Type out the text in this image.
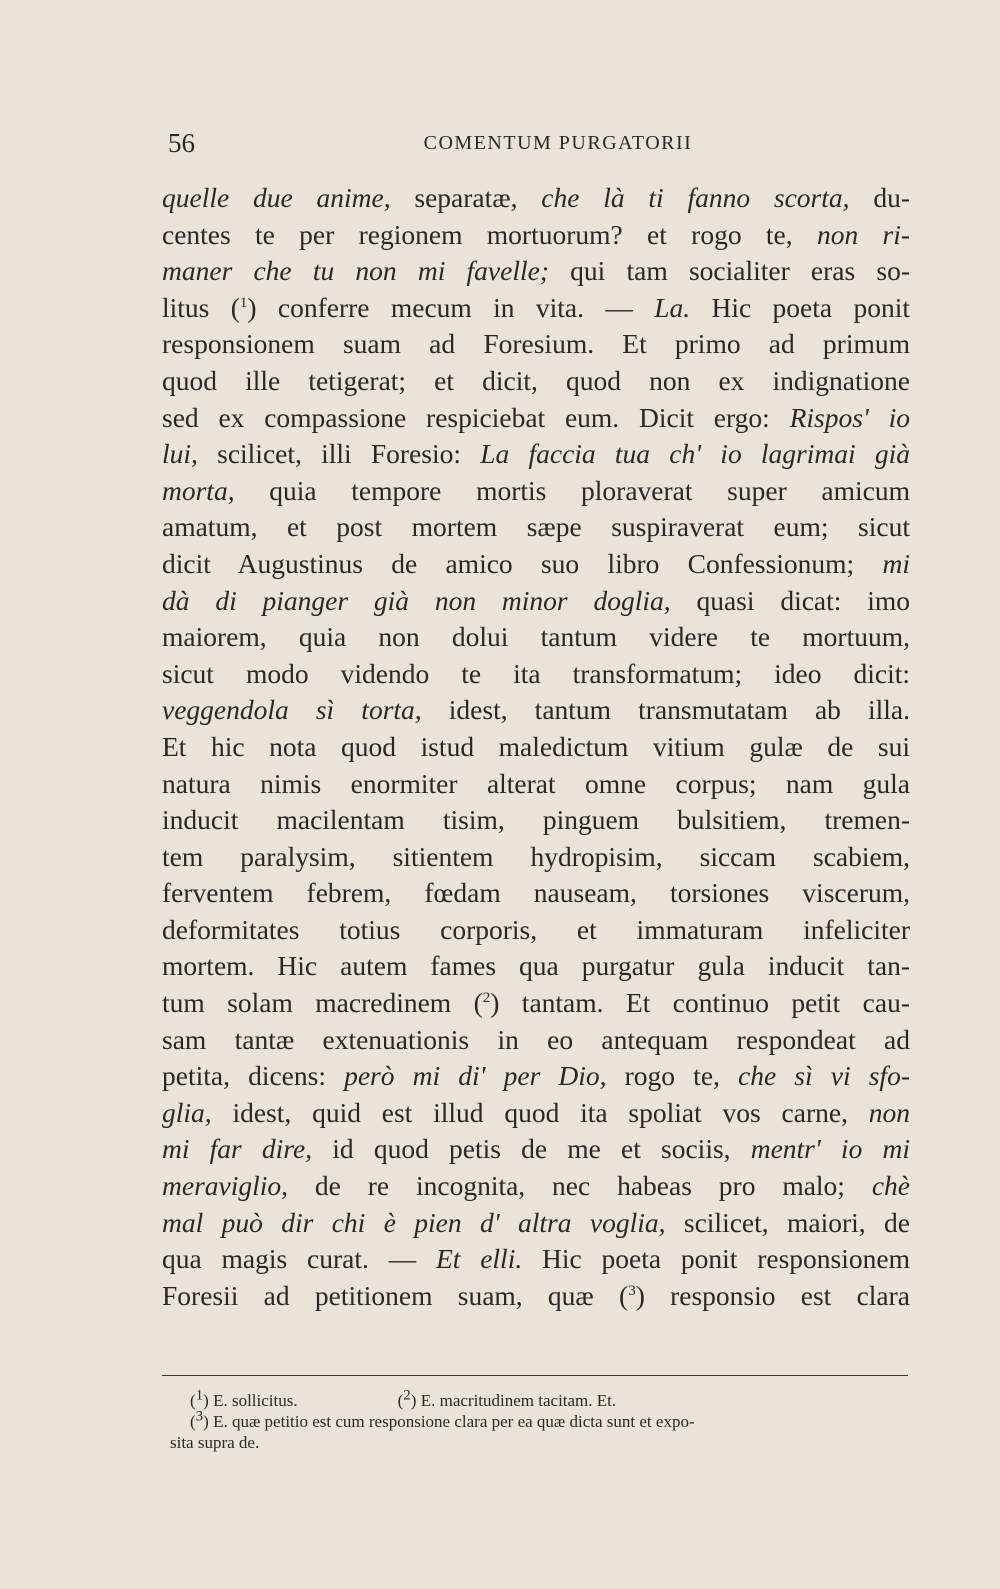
56	COMENTUM PURGATORII
quelle due anime, separatæ, che là ti fanno scorta, du-
centes te per regionem mortuorum? et rogo te, non ri-
maner che tu non mi favelle; qui tam socialiter eras so-
litus ($^1$) conferre mecum in vita. — La. Hic poeta ponit
responsionem suam ad Foresium. Et primo ad primum
quod ille tetigerat; et dicit, quod non ex indignatione
sed ex compassione respiciebat eum. Dicit ergo: Rispos' io
lui, scilicet, illi Foresio: La faccia tua ch' io lagrimai già
morta, quia tempore mortis ploraverat super amicum
amatum, et post mortem sæpe suspiraverat eum; sicut
dicit Augustinus de amico suo libro Confessionum; mi
dà di pianger già non minor doglia, quasi dicat: imo
maiorem, quia non dolui tantum videre te mortuum,
sicut modo videndo te ita transformatum; ideo dicit:
veggendola sì torta, idest, tantum transmutatam ab illa.
Et hic nota quod istud maledictum vitium gulæ de sui
natura nimis enormiter alterat omne corpus; nam gula
inducit macilentam tisim, pinguem bulsitiem, tremen-
tem paralysim, sitientem hydropisim, siccam scabiem,
ferventem febrem, fœdam nauseam, torsiones viscerum,
deformitates totius corporis, et immaturam infeliciter
mortem. Hic autem fames qua purgatur gula inducit tan-
tum solam macredinem ($^2$) tantam. Et continuo petit cau-
sam tantæ extenuationis in eo antequam respondeat ad
petita, dicens: però mi di' per Dio, rogo te, che sì vi sfo-
glia, idest, quid est illud quod ita spoliat vos carne, non
mi far dire, id quod petis de me et sociis, mentr' io mi
meraviglio, de re incognita, nec habeas pro malo; chè
mal può dir chi è pien d' altra voglia, scilicet, maiori, de
qua magis curat. — Et elli. Hic poeta ponit responsionem
Foresii ad petitionem suam, quæ ($^3$) responsio est clara
($^1$) E. sollicitus.	($^2$) E. macritudinem tacitam. Et.
($^3$) E. quæ petitio est cum responsione clara per ea quæ dicta sunt et expo-
sita supra de.
